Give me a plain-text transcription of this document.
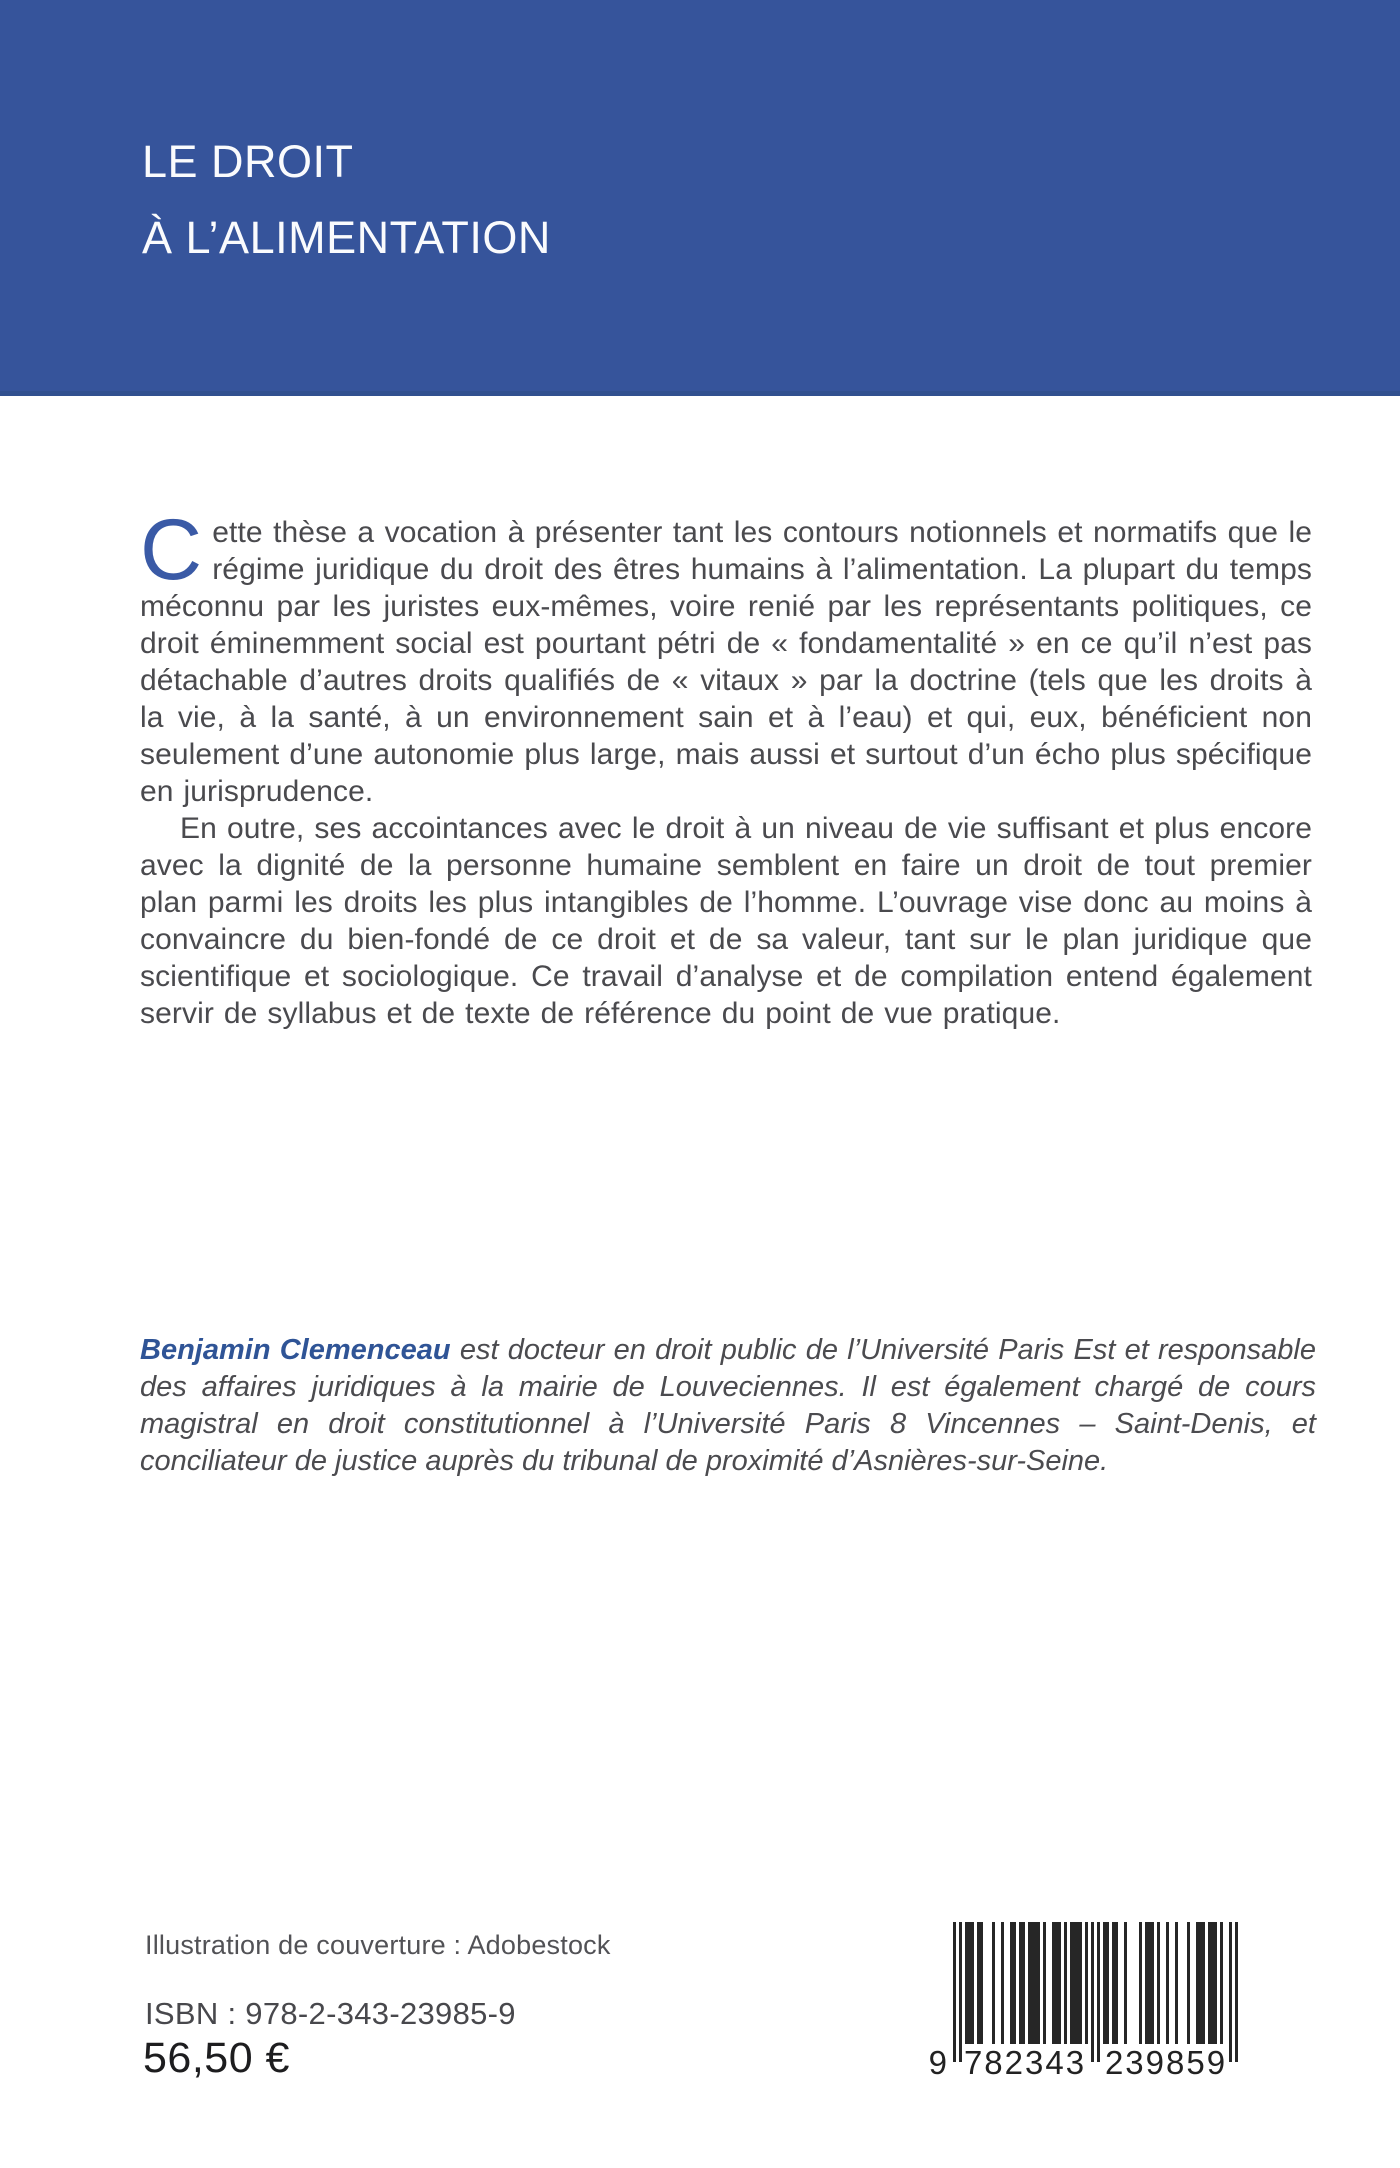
LE DROIT
À L’ALIMENTATION

Cette thèse a vocation à présenter tant les contours notionnels et normatifs que le régime juridique du droit des êtres humains à l’alimentation. La plupart du temps méconnu par les juristes eux-mêmes, voire renié par les représentants politiques, ce droit éminemment social est pourtant pétri de « fondamentalité » en ce qu’il n’est pas détachable d’autres droits qualifiés de « vitaux » par la doctrine (tels que les droits à la vie, à la santé, à un environnement sain et à l’eau) et qui, eux, bénéficient non seulement d’une autonomie plus large, mais aussi et surtout d’un écho plus spécifique en jurisprudence.

En outre, ses accointances avec le droit à un niveau de vie suffisant et plus encore avec la dignité de la personne humaine semblent en faire un droit de tout premier plan parmi les droits les plus intangibles de l’homme. L’ouvrage vise donc au moins à convaincre du bien-fondé de ce droit et de sa valeur, tant sur le plan juridique que scientifique et sociologique. Ce travail d’analyse et de compilation entend également servir de syllabus et de texte de référence du point de vue pratique.

Benjamin Clemenceau est docteur en droit public de l’Université Paris Est et responsable des affaires juridiques à la mairie de Louveciennes. Il est également chargé de cours magistral en droit constitutionnel à l’Université Paris 8 Vincennes – Saint-Denis, et conciliateur de justice auprès du tribunal de proximité d’Asnières-sur-Seine.

Illustration de couverture : Adobestock
ISBN : 978-2-343-23985-9
56,50 €	9 782343 239859
